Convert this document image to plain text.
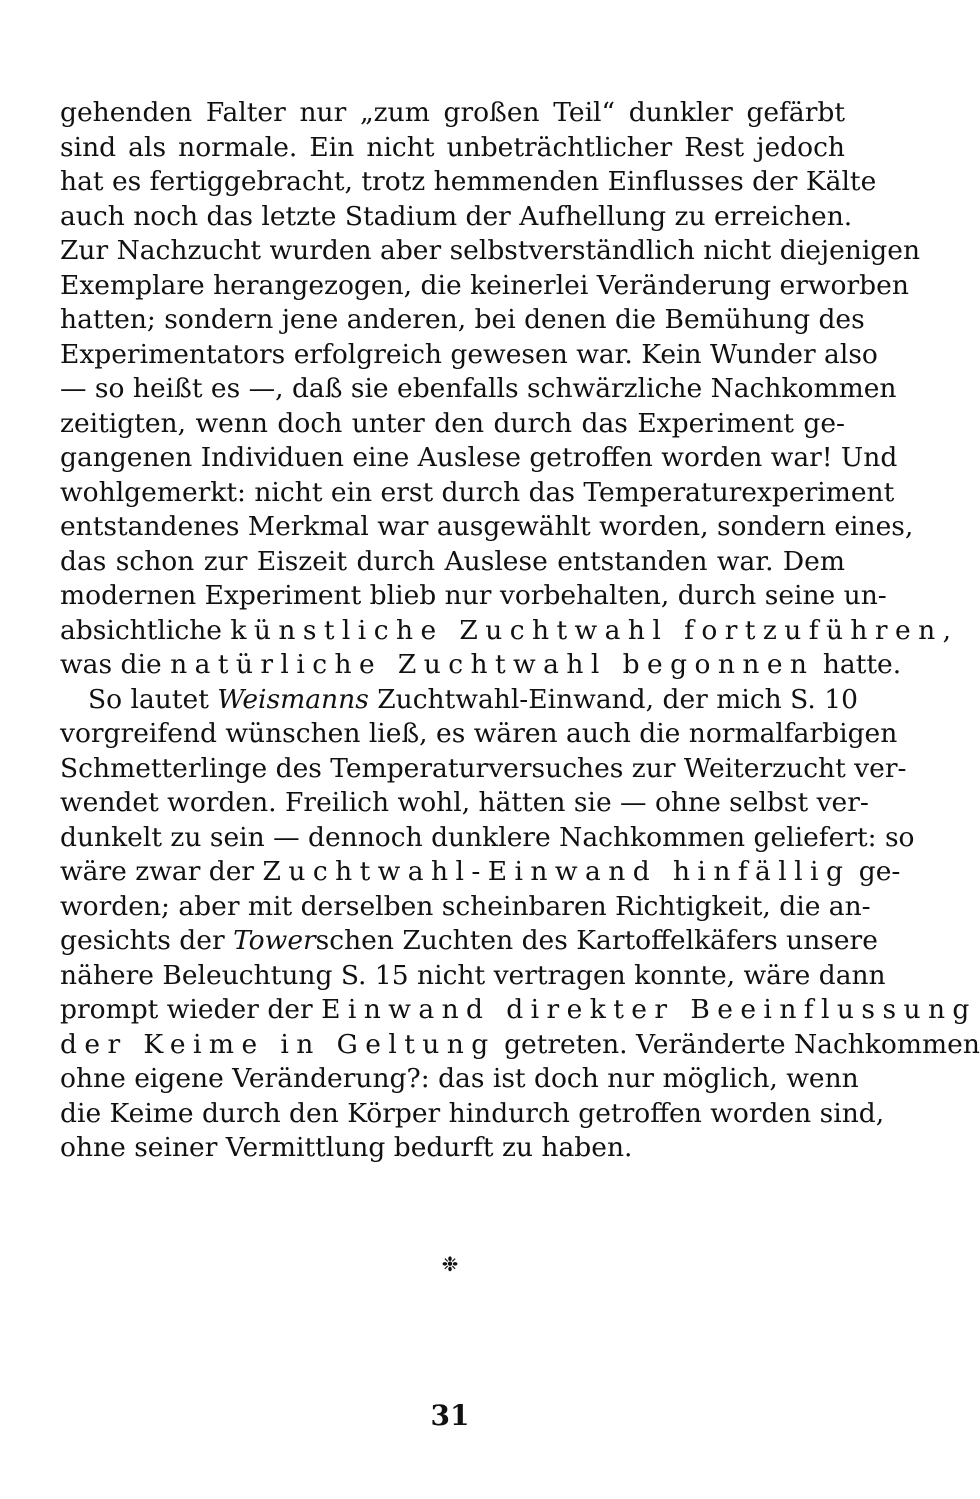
gehenden Falter nur „zum großen Teil“ dunkler gefärbt
sind als normale. Ein nicht unbeträchtlicher Rest jedoch
hat es fertiggebracht, trotz hemmenden Einflusses der Kälte
auch noch das letzte Stadium der Aufhellung zu erreichen.
Zur Nachzucht wurden aber selbstverständlich nicht diejenigen
Exemplare herangezogen, die keinerlei Veränderung erworben
hatten; sondern jene anderen, bei denen die Bemühung des
Experimentators erfolgreich gewesen war. Kein Wunder also
— so heißt es —, daß sie ebenfalls schwärzliche Nachkommen
zeitigten, wenn doch unter den durch das Experiment ge-
gangenen Individuen eine Auslese getroffen worden war! Und
wohlgemerkt: nicht ein erst durch das Temperaturexperiment
entstandenes Merkmal war ausgewählt worden, sondern eines,
das schon zur Eiszeit durch Auslese entstanden war. Dem
modernen Experiment blieb nur vorbehalten, durch seine un-
absichtliche künstliche Zuchtwahl fortzuführen,
was die natürliche Zuchtwahl begonnen hatte.

So lautet Weismanns Zuchtwahl-Einwand, der mich S. 10
vorgreifend wünschen ließ, es wären auch die normalfarbigen
Schmetterlinge des Temperaturversuches zur Weiterzucht ver-
wendet worden. Freilich wohl, hätten sie — ohne selbst ver-
dunkelt zu sein — dennoch dunklere Nachkommen geliefert: so
wäre zwar der Zuchtwahl-Einwand hinfällig ge-
worden; aber mit derselben scheinbaren Richtigkeit, die an-
gesichts der Towerschen Zuchten des Kartoffelkäfers unsere
nähere Beleuchtung S. 15 nicht vertragen konnte, wäre dann
prompt wieder der Einwand direkter Beeinflussung
der Keime in Geltung getreten. Veränderte Nachkommen
ohne eigene Veränderung?: das ist doch nur möglich, wenn
die Keime durch den Körper hindurch getroffen worden sind,
ohne seiner Vermittlung bedurft zu haben.

❉
31
